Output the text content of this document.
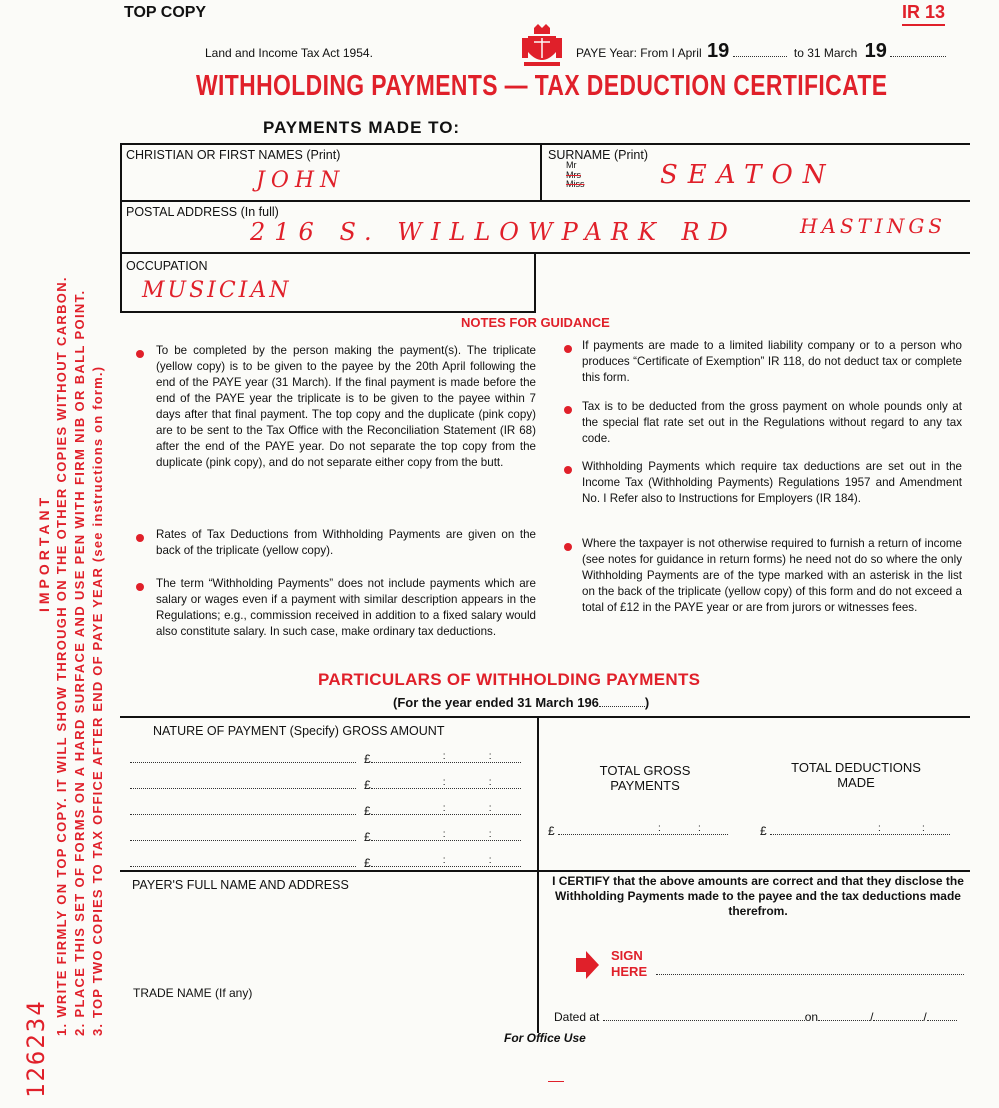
126234
1. WRITE FIRMLY ON TOP COPY. IT WILL SHOW THROUGH ON THE OTHER COPIES WITHOUT CARBON. 2. PLACE THIS SET OF FORMS ON A HARD SURFACE AND USE PEN WITH FIRM NIB OR BALL POINT. 3. TOP TWO COPIES TO TAX OFFICE AFTER END OF PAYE YEAR (see instructions on form.)
IMPORTANT
TOP COPY	IR 13
Land and Income Tax Act 1954.	PAYE Year: From I April 19	to 31 March 19
WITHHOLDING PAYMENTS — TAX DEDUCTION CERTIFICATE
PAYMENTS MADE TO:
CHRISTIAN OR FIRST NAMES (Print)
JOHN
SURNAME (Print)
Mr
Mrs
Miss	SEATON
POSTAL ADDRESS (In full)
216 S. WILLOWPARK RD	HASTINGS
OCCUPATION
MUSICIAN
NOTES FOR GUIDANCE
To be completed by the person making the payment(s). The triplicate (yellow copy) is to be given to the payee by the 20th April following the end of the PAYE year (31 March). If the final payment is made before the end of the PAYE year the triplicate is to be given to the payee within 7 days after that final payment. The top copy and the duplicate (pink copy) are to be sent to the Tax Office with the Reconciliation Statement (IR 68) after the end of the PAYE year. Do not separate the top copy from the duplicate (pink copy), and do not separate either copy from the butt.
Rates of Tax Deductions from Withholding Payments are given on the back of the triplicate (yellow copy).
The term “Withholding Payments” does not include payments which are salary or wages even if a payment with similar description appears in the Regulations; e.g., commission received in addition to a fixed salary would also constitute salary. In such case, make ordinary tax deductions.
If payments are made to a limited liability company or to a person who produces “Certificate of Exemption” IR 118, do not deduct tax or complete this form.
Tax is to be deducted from the gross payment on whole pounds only at the special flat rate set out in the Regulations without regard to any tax code.
Withholding Payments which require tax deductions are set out in the Income Tax (Withholding Payments) Regulations 1957 and Amendment No. I Refer also to Instructions for Employers (IR 184).
Where the taxpayer is not otherwise required to furnish a return of income (see notes for guidance in return forms) he need not do so where the only Withholding Payments are of the type marked with an asterisk in the list on the back of the triplicate (yellow copy) of this form and do not exceed a total of £12 in the PAYE year or are from jurors or witnesses fees.
PARTICULARS OF WITHHOLDING PAYMENTS
(For the year ended 31 March 196	)
NATURE OF PAYMENT (Specify) GROSS AMOUNT
£	:	:
£	:	:
£	:	:
£	:	:
£	:	:
TOTAL GROSS PAYMENTS
TOTAL DEDUCTIONS MADE
£	:	:	£	:	:
PAYER'S FULL NAME AND ADDRESS
TRADE NAME (If any)
I CERTIFY that the above amounts are correct and that they disclose the Withholding Payments made to the payee and the tax deductions made therefrom.
SIGN HERE
Dated at	on	/	/
For Office Use
